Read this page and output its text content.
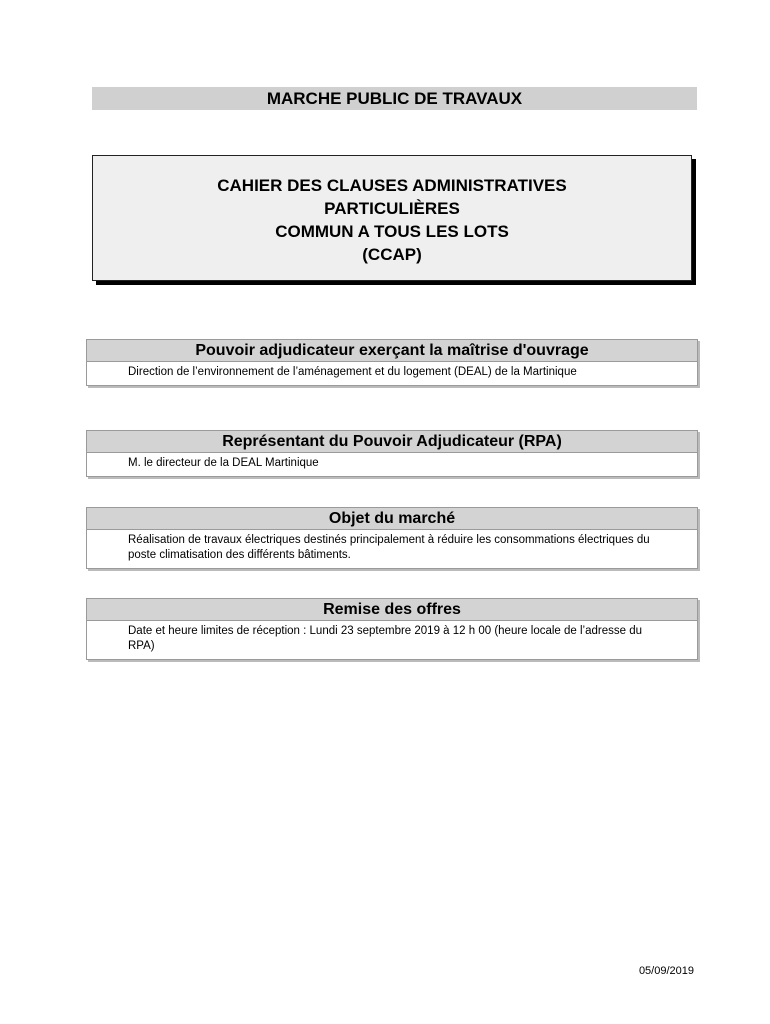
MARCHE PUBLIC DE TRAVAUX
CAHIER DES CLAUSES ADMINISTRATIVES
PARTICULIÈRES
COMMUN A TOUS LES LOTS
(CCAP)
Pouvoir adjudicateur exerçant la maîtrise d'ouvrage
Direction de l’environnement de l’aménagement et du logement (DEAL) de la Martinique
Représentant du Pouvoir Adjudicateur (RPA)
M. le directeur de la DEAL Martinique
Objet du marché
Réalisation de travaux électriques destinés principalement à réduire les consommations électriques du poste climatisation des différents bâtiments.
Remise des offres
Date et heure limites de réception : Lundi 23 septembre 2019 à 12 h 00 (heure locale de l’adresse du RPA)
05/09/2019
